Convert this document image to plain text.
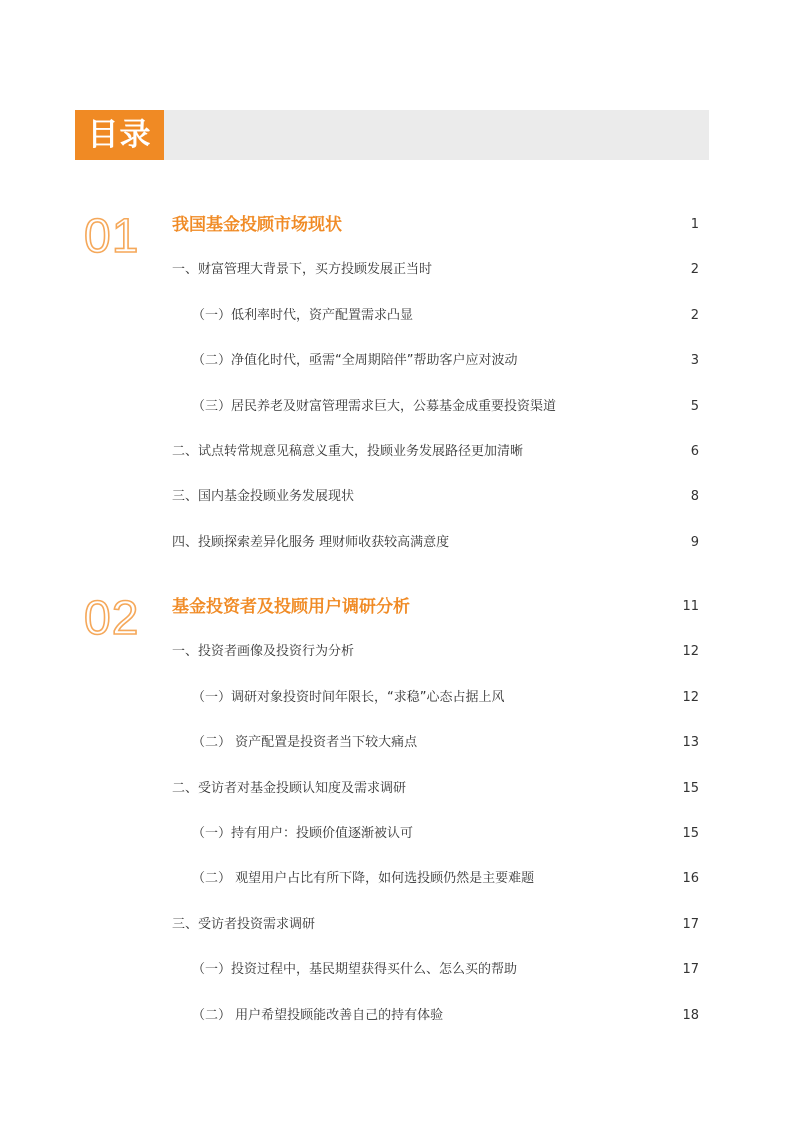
目录
01 我国基金投顾市场现状	1
一、财富管理大背景下，买方投顾发展正当时	2
（一）低利率时代，资产配置需求凸显	2
（二）净值化时代，亟需“全周期陪伴”帮助客户应对波动	3
（三）居民养老及财富管理需求巨大，公募基金成重要投资渠道	5
二、试点转常规意见稿意义重大，投顾业务发展路径更加清晰	6
三、国内基金投顾业务发展现状	8
四、投顾探索差异化服务 理财师收获较高满意度	9
02 基金投资者及投顾用户调研分析	11
一、投资者画像及投资行为分析	12
（一）调研对象投资时间年限长，“求稳”心态占据上风	12
（二） 资产配置是投资者当下较大痛点	13
二、受访者对基金投顾认知度及需求调研	15
（一）持有用户：投顾价值逐渐被认可	15
（二） 观望用户占比有所下降，如何选投顾仍然是主要难题	16
三、受访者投资需求调研	17
（一）投资过程中，基民期望获得买什么、怎么买的帮助	17
（二） 用户希望投顾能改善自己的持有体验	18
